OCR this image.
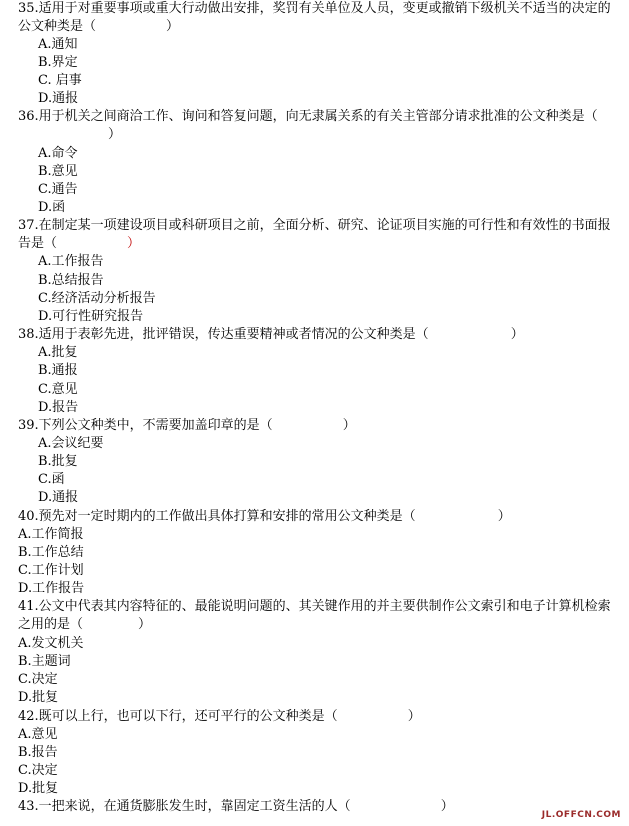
35.适用于对重要事项或重大行动做出安排，奖罚有关单位及人员，变更或撤销下级机关不适当的决定的公文种类是（	）
A.通知
B.界定
C. 启事
D.通报
36.用于机关之间商洽工作、询问和答复问题，向无隶属关系的有关主管部分请求批准的公文种类是（）
A.命令
B.意见
C.通告
D.函
37.在制定某一项建设项目或科研项目之前，全面分析、研究、论证项目实施的可行性和有效性的书面报告是（	）
A.工作报告
B.总结报告
C.经济活动分析报告
D.可行性研究报告
38.适用于表彰先进，批评错误，传达重要精神或者情况的公文种类是（	）
A.批复
B.通报
C.意见
D.报告
39.下列公文种类中，不需要加盖印章的是（	）
A.会议纪要
B.批复
C.函
D.通报
40.预先对一定时期内的工作做出具体打算和安排的常用公文种类是（	）
A.工作简报
B.工作总结
C.工作计划
D.工作报告
41.公文中代表其内容特征的、最能说明问题的、其关键作用的并主要供制作公文索引和电子计算机检索之用的是（	）
A.发文机关
B.主题词
C.决定
D.批复
42.既可以上行，也可以下行，还可平行的公文种类是（	）
A.意见
B.报告
C.决定
D.批复
43.一把来说，在通货膨胀发生时，靠固定工资生活的人（	）
JL.OFFCN.COM
